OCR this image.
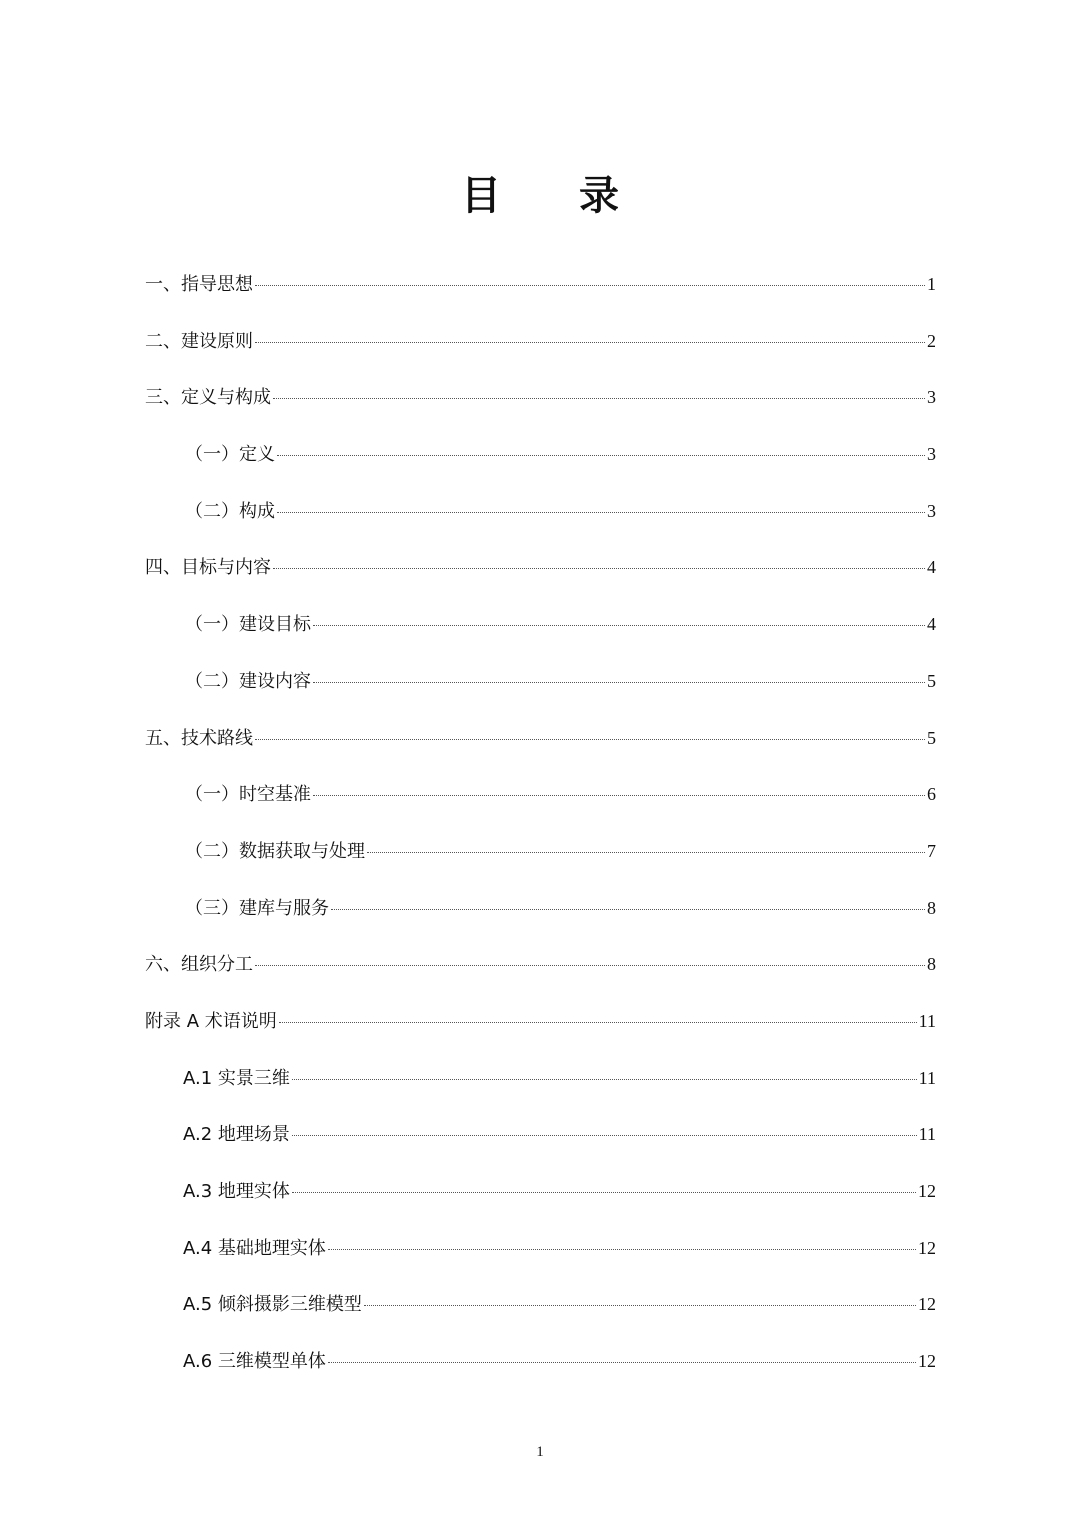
目 录
一、指导思想	1
二、建设原则	2
三、定义与构成	3
（一）定义	3
（二）构成	3
四、目标与内容	4
（一）建设目标	4
（二）建设内容	5
五、技术路线	5
（一）时空基准	6
（二）数据获取与处理	7
（三）建库与服务	8
六、组织分工	8
附录 A 术语说明	11
A.1 实景三维	11
A.2 地理场景	11
A.3 地理实体	12
A.4 基础地理实体	12
A.5 倾斜摄影三维模型	12
A.6 三维模型单体	12
1
